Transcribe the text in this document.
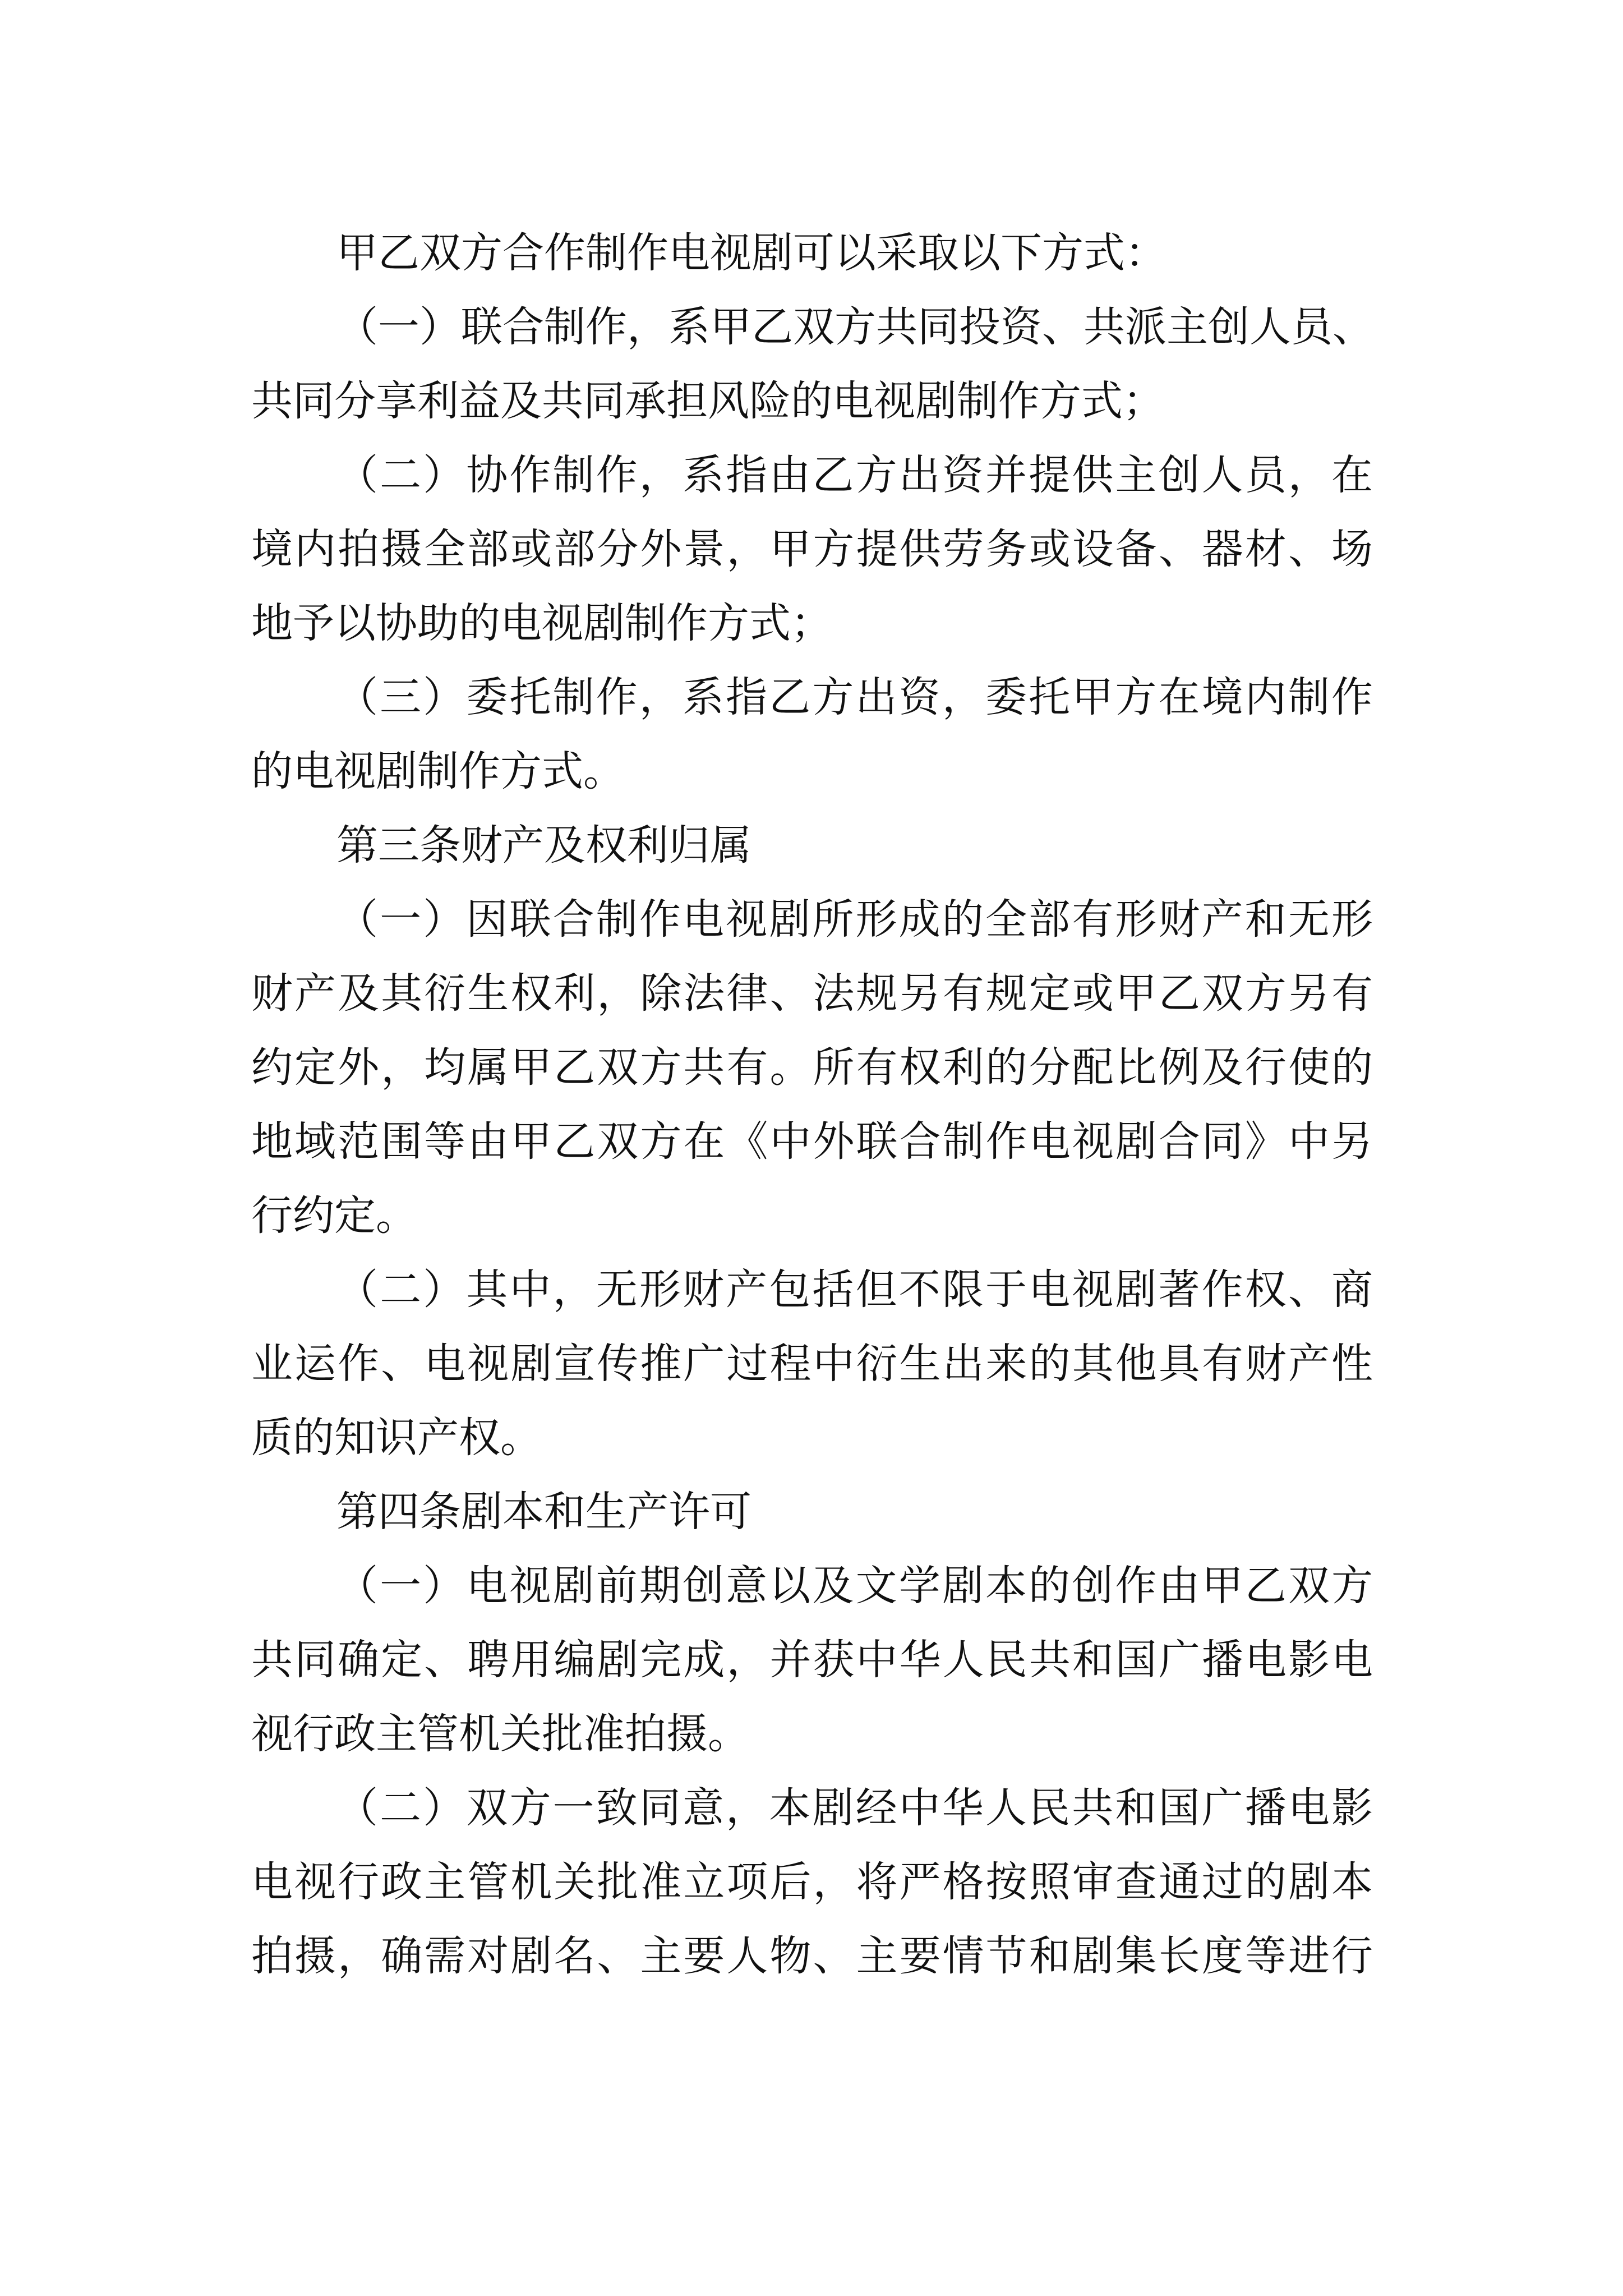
甲乙双方合作制作电视剧可以采取以下方式：
（一）联合制作，系甲乙双方共同投资、共派主创人员、
共同分享利益及共同承担风险的电视剧制作方式；
（二）协作制作，系指由乙方出资并提供主创人员，在
境内拍摄全部或部分外景，甲方提供劳务或设备、器材、场
地予以协助的电视剧制作方式；
（三）委托制作，系指乙方出资，委托甲方在境内制作
的电视剧制作方式。
第三条财产及权利归属
（一）因联合制作电视剧所形成的全部有形财产和无形
财产及其衍生权利，除法律、法规另有规定或甲乙双方另有
约定外，均属甲乙双方共有。所有权利的分配比例及行使的
地域范围等由甲乙双方在《中外联合制作电视剧合同》中另
行约定。
（二）其中，无形财产包括但不限于电视剧著作权、商
业运作、电视剧宣传推广过程中衍生出来的其他具有财产性
质的知识产权。
第四条剧本和生产许可
（一）电视剧前期创意以及文学剧本的创作由甲乙双方
共同确定、聘用编剧完成，并获中华人民共和国广播电影电
视行政主管机关批准拍摄。
（二）双方一致同意，本剧经中华人民共和国广播电影
电视行政主管机关批准立项后，将严格按照审查通过的剧本
拍摄，确需对剧名、主要人物、主要情节和剧集长度等进行
